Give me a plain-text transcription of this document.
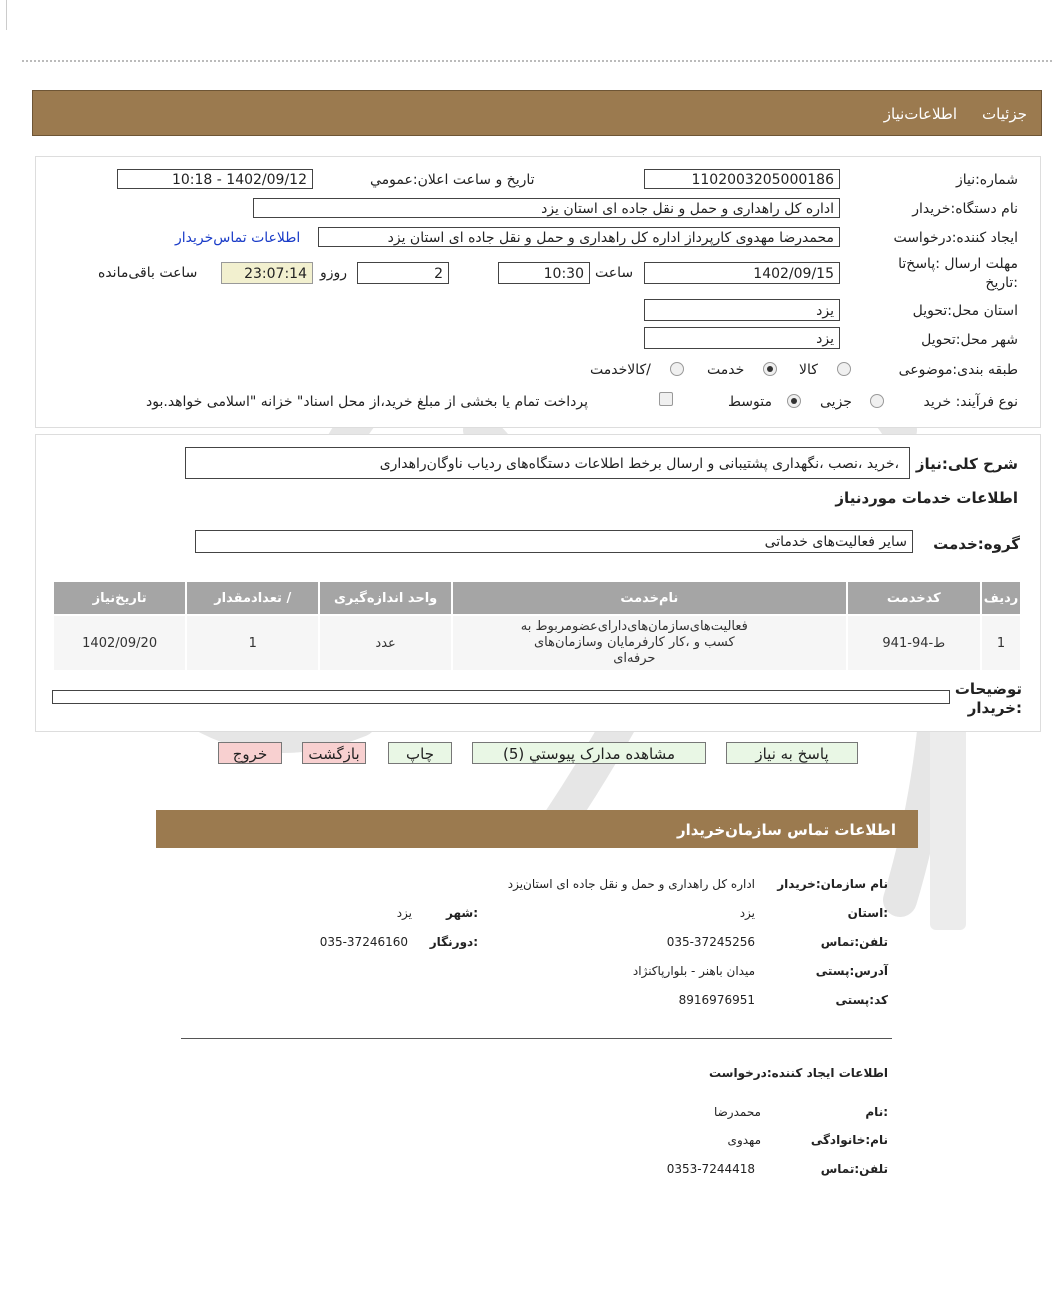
جزئیات
اطلاعات‌نیاز
شماره:نیاز
1102003205000186
تاریخ و ساعت اعلان:عمومي
1402/09/12 - 10:18
نام دستگاه:خریدار
اداره کل راهداری و حمل و نقل جاده ای استان یزد
ایجاد کننده:درخواست
محمدرضا مهدوی کارپرداز اداره کل راهداری و حمل و نقل جاده ای استان یزد
اطلاعات تماس‌خریدار
مهلت ارسال :پاسخ‌تا
:تاریخ
1402/09/15
ساعت
10:30
2
روزو
23:07:14
ساعت باقی‌مانده
استان محل:تحویل
یزد
شهر محل:تحویل
یزد
طبقه بندی:موضوعی
کالا
خدمت
/کالاخدمت
نوع فرآیند: خرید
جزیی
متوسط
پرداخت تمام یا بخشی از مبلغ خرید،از محل اسناد" خزانه "اسلامی خواهد.بود
شرح کلی:نیاز
،خرید ،نصب ،نگهداری پشتیبانی و ارسال برخط اطلاعات دستگاه‌های ردیاب ناوگان‌راهداری
اطلاعات خدمات موردنیاز
گروه:خدمت
سایر فعالیت‌های خدماتی
ردیف	کدخدمت	نام‌خدمت	واحد اندازه‌گیری	/ تعدادمقدار	تاریخ‌نیاز
1	ط-94-941	فعالیت‌های‌سازمان‌های‌دارای‌عضومربوط به کسب و ،کار کارفرمایان وسازمان‌های حرفه‌ای	عدد	1	1402/09/20
توضیحات
:خریدار
پاسخ به نیاز
مشاهده مدارک پیوستي (5)
چاپ
بازگشت
خروج
اطلاعات تماس سازمان‌خریدار
نام سازمان:خریدار
اداره کل راهداری و حمل و نقل جاده ای استان‌یزد
:استان
یزد
:شهر
یزد
تلفن:تماس
035-37245256
:دورنگار
035-37246160
آدرس:پستی
میدان باهنر - بلوارپاکنژاد
کد:پستی
8916976951
اطلاعات ایجاد کننده:درخواست
:نام
محمدرضا
نام:خانوادگی
مهدوی
تلفن:تماس
0353-7244418
